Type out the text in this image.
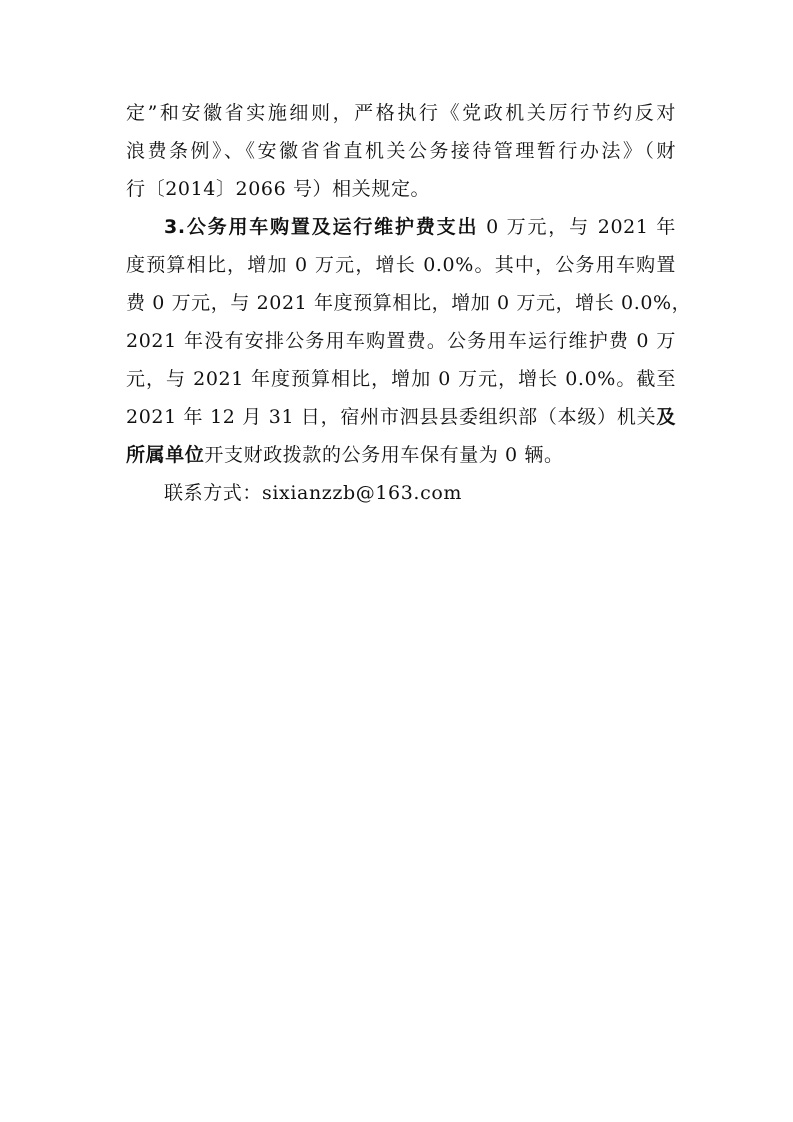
定”和安徽省实施细则，严格执行《党政机关厉行节约反对
浪费条例》、《安徽省省直机关公务接待管理暂行办法》（财
行〔2014〕2066 号）相关规定。
3.公务用车购置及运行维护费支出 0 万元，与 2021 年
度预算相比，增加 0 万元，增长 0.0%。其中，公务用车购置
费 0 万元，与 2021 年度预算相比，增加 0 万元，增长 0.0%，
2021 年没有安排公务用车购置费。公务用车运行维护费 0 万
元，与 2021 年度预算相比，增加 0 万元，增长 0.0%。截至
2021 年 12 月 31 日，宿州市泗县县委组织部（本级）机关及
所属单位开支财政拨款的公务用车保有量为 0 辆。
联系方式：sixianzzb@163.com
